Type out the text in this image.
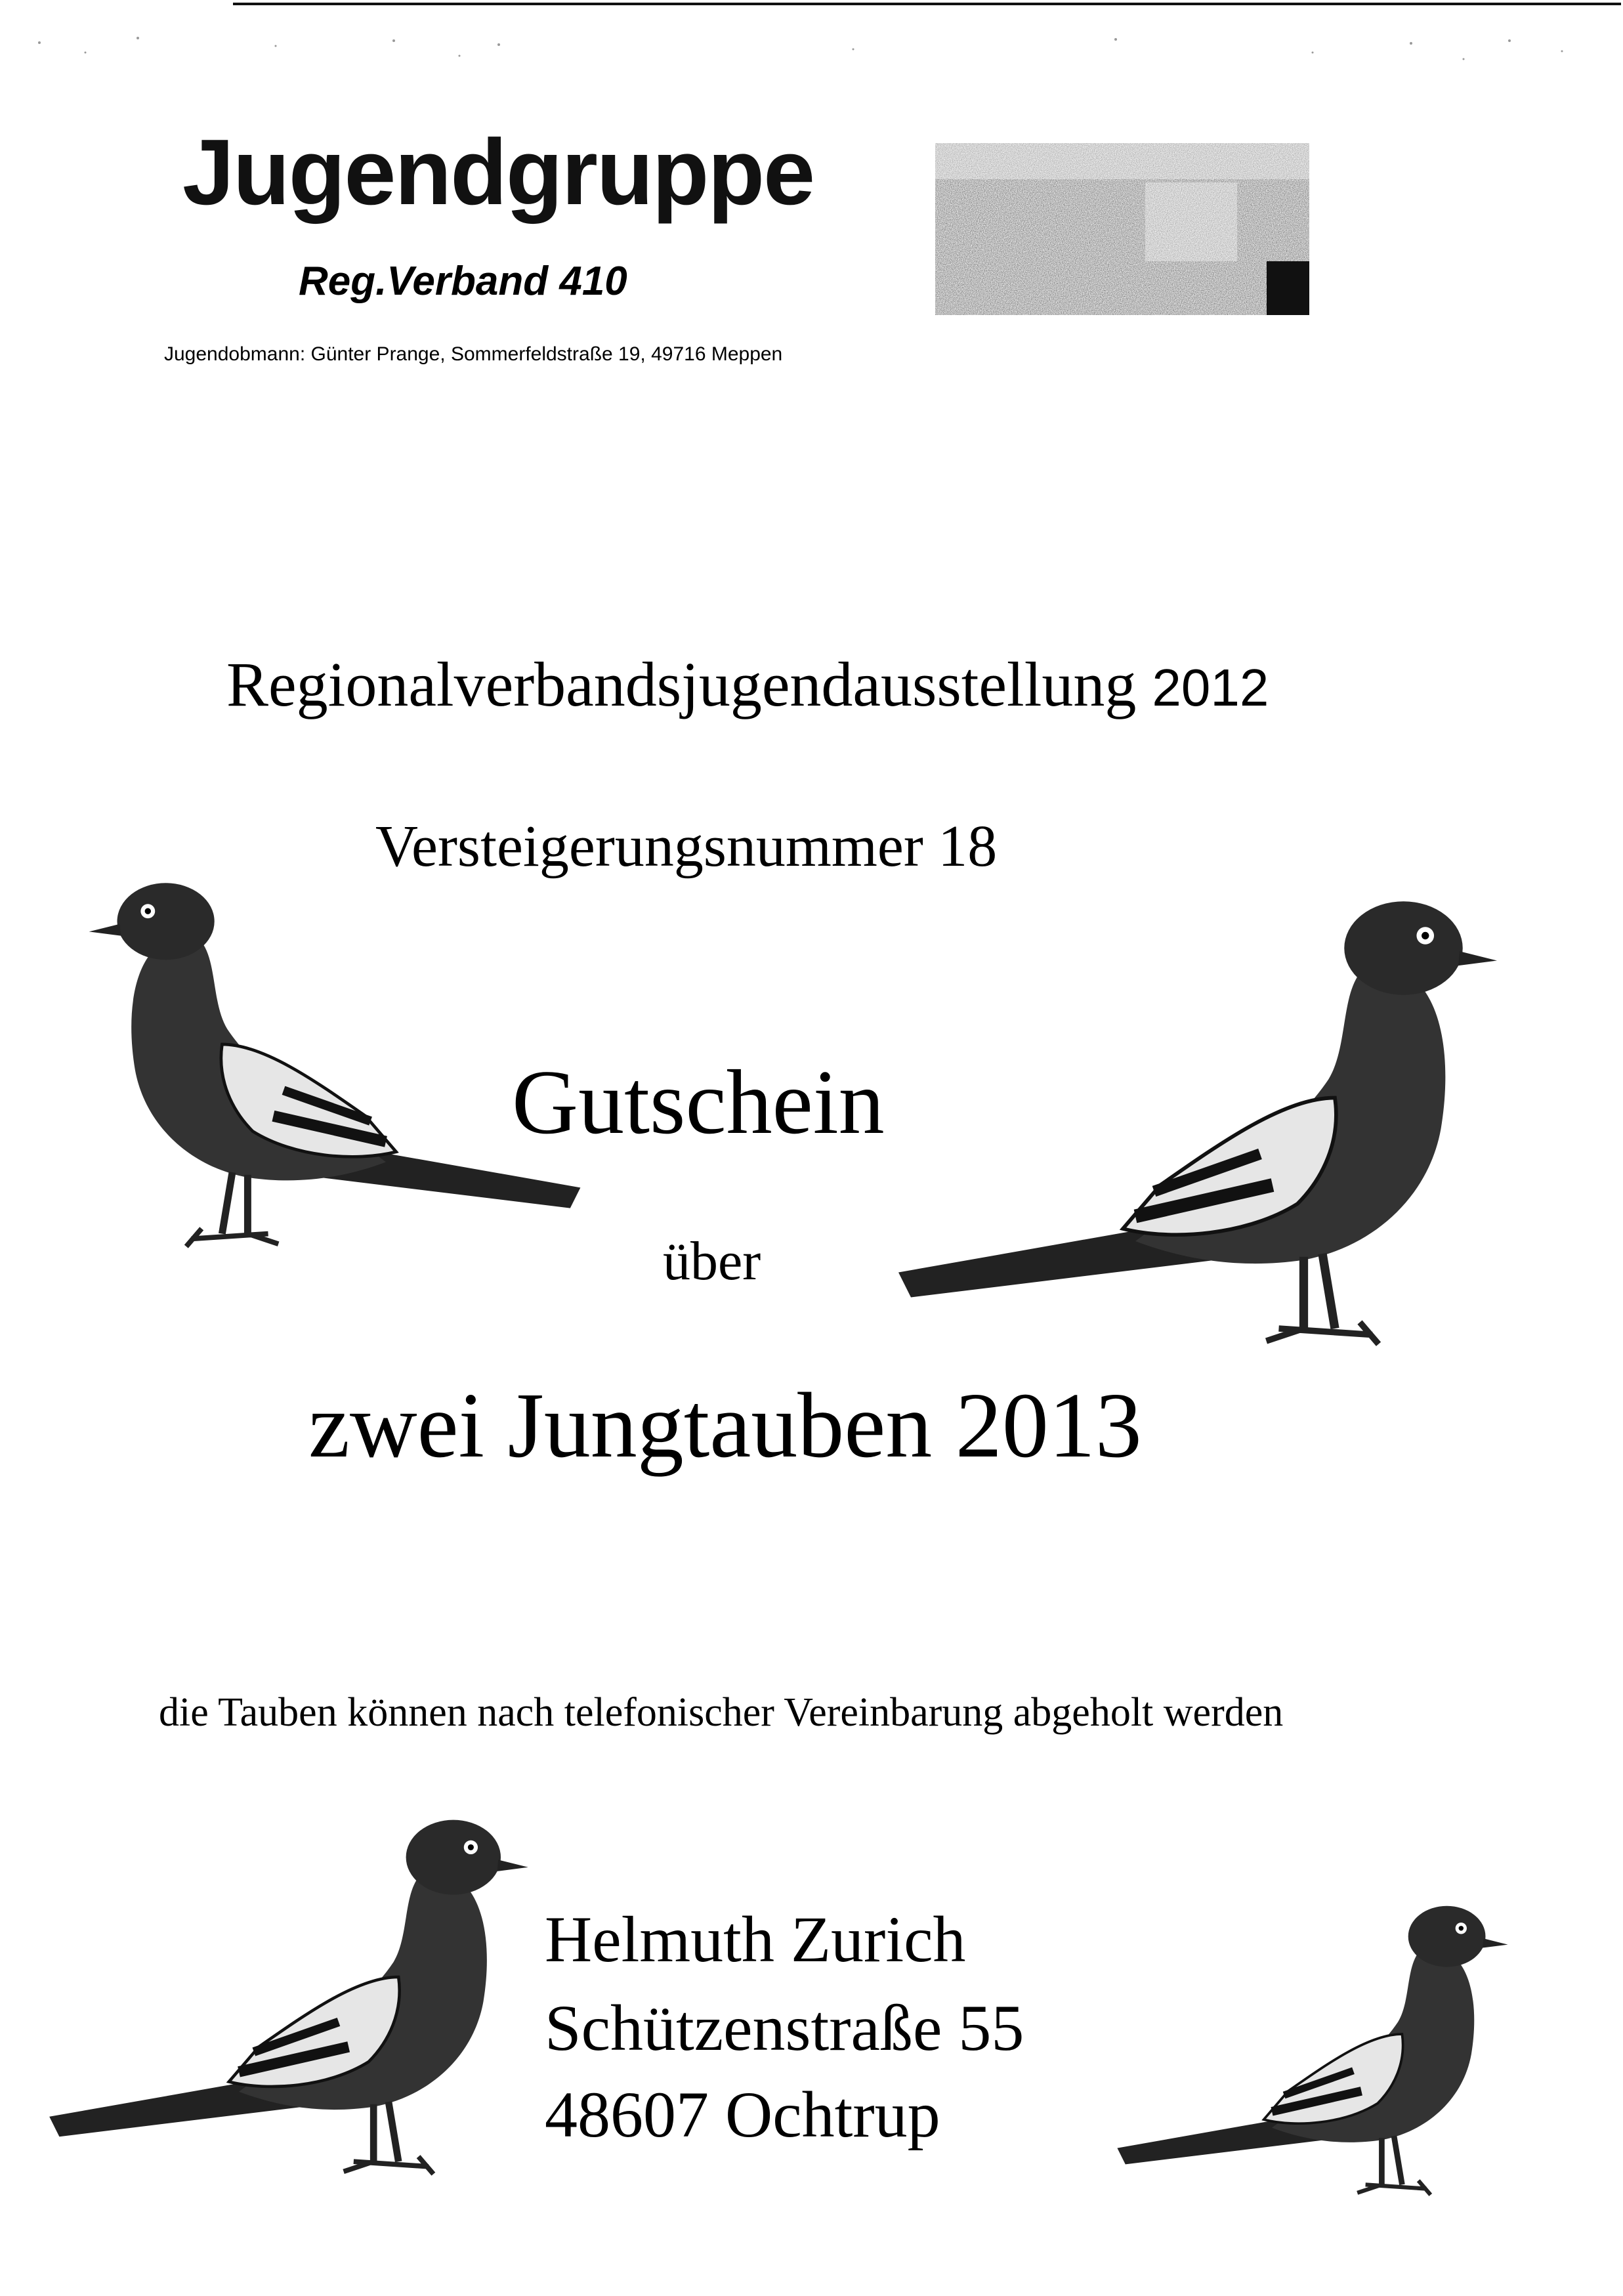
Jugendgruppe
Reg.Verband 410
Jugendobmann: Günter Prange, Sommerfeldstraße 19, 49716 Meppen
Regionalverbandsjugendausstellung 2012
Versteigerungsnummer 18
Gutschein
über
zwei Jungtauben 2013
die Tauben können nach telefonischer Vereinbarung abgeholt werden
Helmuth Zurich
Schützenstraße 55
48607 Ochtrup
